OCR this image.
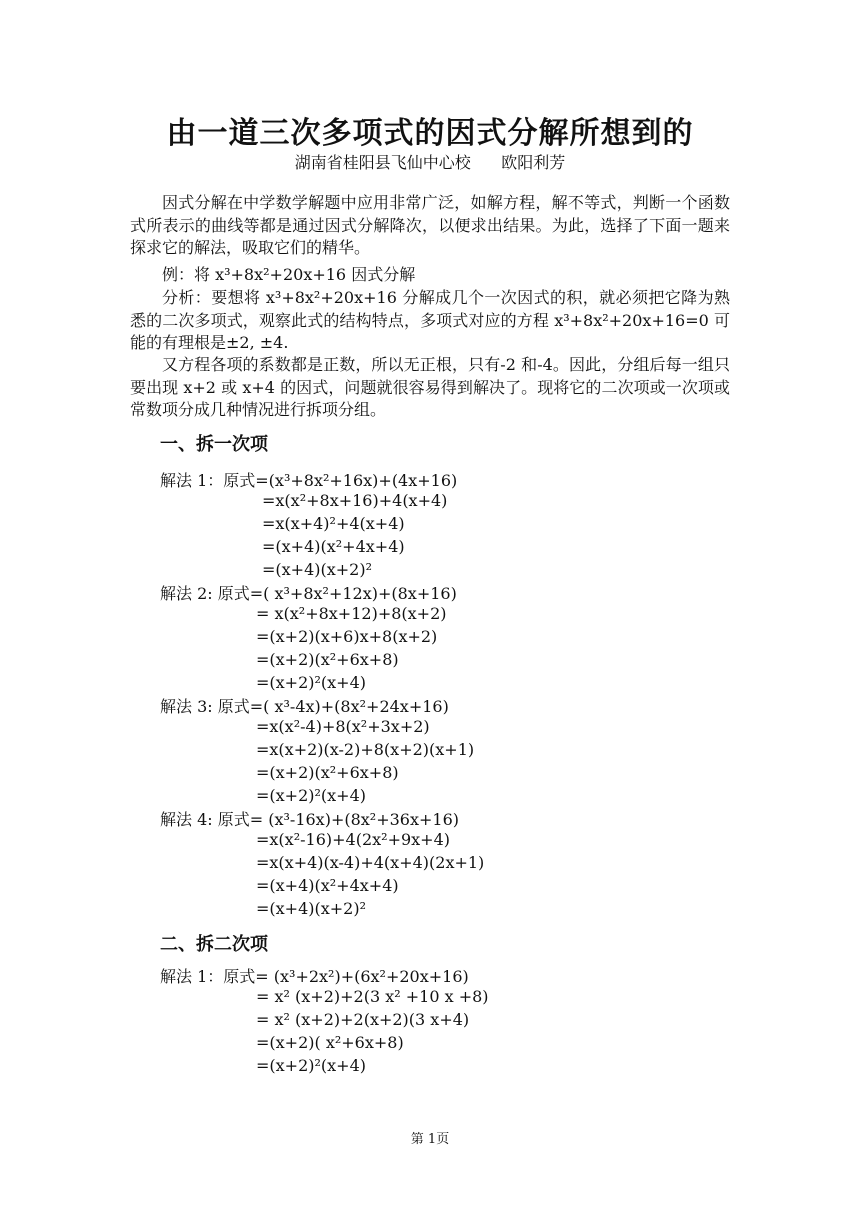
由一道三次多项式的因式分解所想到的
湖南省桂阳县飞仙中心校      欧阳利芳

因式分解在中学数学解题中应用非常广泛，如解方程，解不等式，判断一个函数式所表示的曲线等都是通过因式分解降次，以便求出结果。为此，选择了下面一题来探求它的解法，吸取它们的精华。

例：将 x³+8x²+20x+16 因式分解

分析：要想将 x³+8x²+20x+16 分解成几个一次因式的积，就必须把它降为熟悉的二次多项式，观察此式的结构特点，多项式对应的方程 x³+8x²+20x+16=0 可能的有理根是±2, ±4.

又方程各项的系数都是正数，所以无正根，只有-2 和-4。因此，分组后每一组只要出现 x+2 或 x+4 的因式，问题就很容易得到解决了。现将它的二次项或一次项或常数项分成几种情况进行拆项分组。

一、拆一次项
解法 1：原式=(x³+8x²+16x)+(4x+16)
=x(x²+8x+16)+4(x+4)
=x(x+4)²+4(x+4)
=(x+4)(x²+4x+4)
=(x+4)(x+2)²
解法 2: 原式=( x³+8x²+12x)+(8x+16)
= x(x²+8x+12)+8(x+2)
=(x+2)(x+6)x+8(x+2)
=(x+2)(x²+6x+8)
=(x+2)²(x+4)
解法 3: 原式=( x³-4x)+(8x²+24x+16)
=x(x²-4)+8(x²+3x+2)
=x(x+2)(x-2)+8(x+2)(x+1)
=(x+2)(x²+6x+8)
=(x+2)²(x+4)
解法 4: 原式= (x³-16x)+(8x²+36x+16)
=x(x²-16)+4(2x²+9x+4)
=x(x+4)(x-4)+4(x+4)(2x+1)
=(x+4)(x²+4x+4)
=(x+4)(x+2)²
二、拆二次项
解法 1：原式= (x³+2x²)+(6x²+20x+16)
= x² (x+2)+2(3 x² +10 x +8)
= x² (x+2)+2(x+2)(3 x+4)
=(x+2)( x²+6x+8)
=(x+2)²(x+4)
第 1页
